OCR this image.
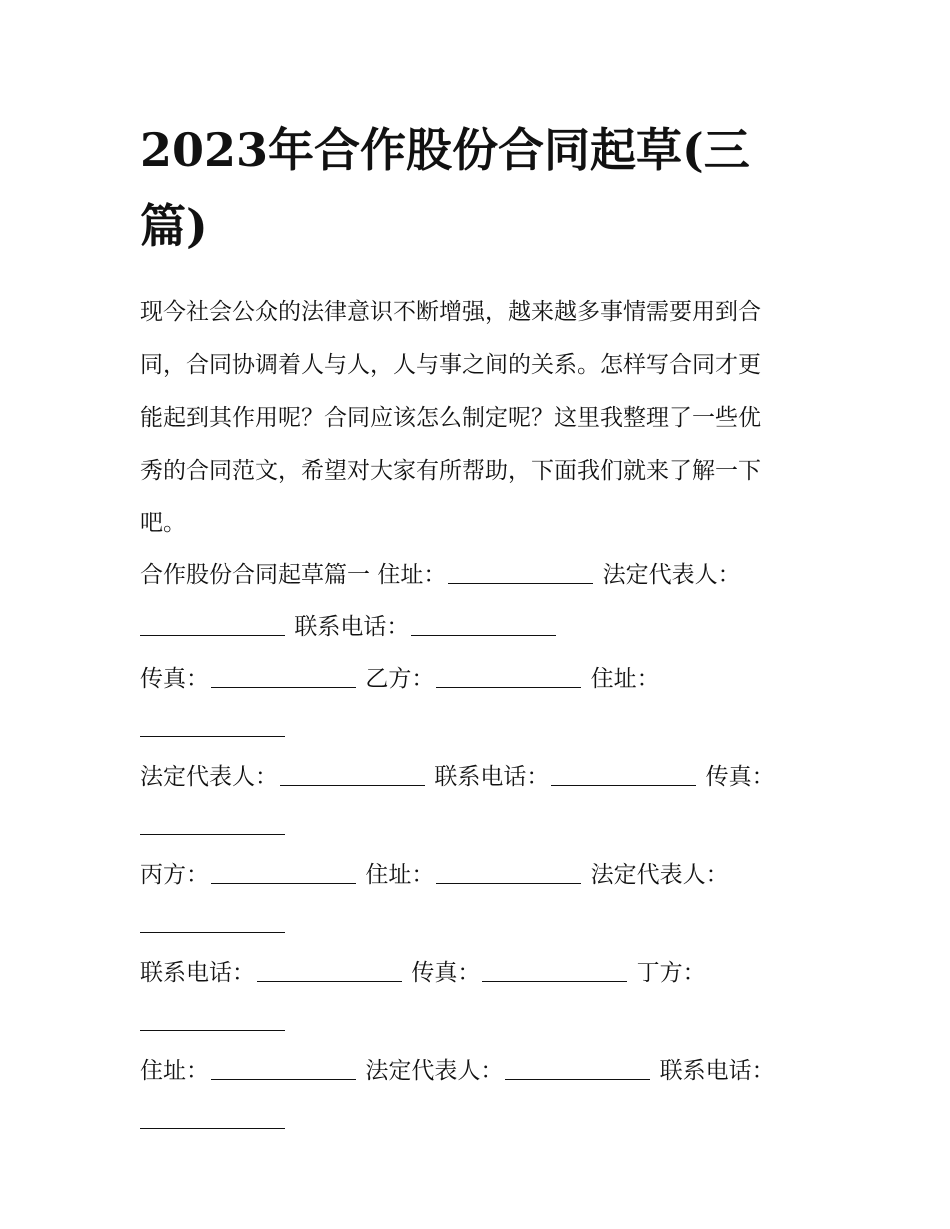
2023年合作股份合同起草(三
篇)
现今社会公众的法律意识不断增强，越来越多事情需要用到合
同，合同协调着人与人，人与事之间的关系。怎样写合同才更
能起到其作用呢？合同应该怎么制定呢？这里我整理了一些优
秀的合同范文，希望对大家有所帮助，下面我们就来了解一下
吧。
合作股份合同起草篇一 住址：	法定代表人：
联系电话：
传真：	乙方：	住址：
法定代表人：	联系电话：	传真：
丙方：	住址：	法定代表人：
联系电话：	传真：	丁方：
住址：	法定代表人：	联系电话：
